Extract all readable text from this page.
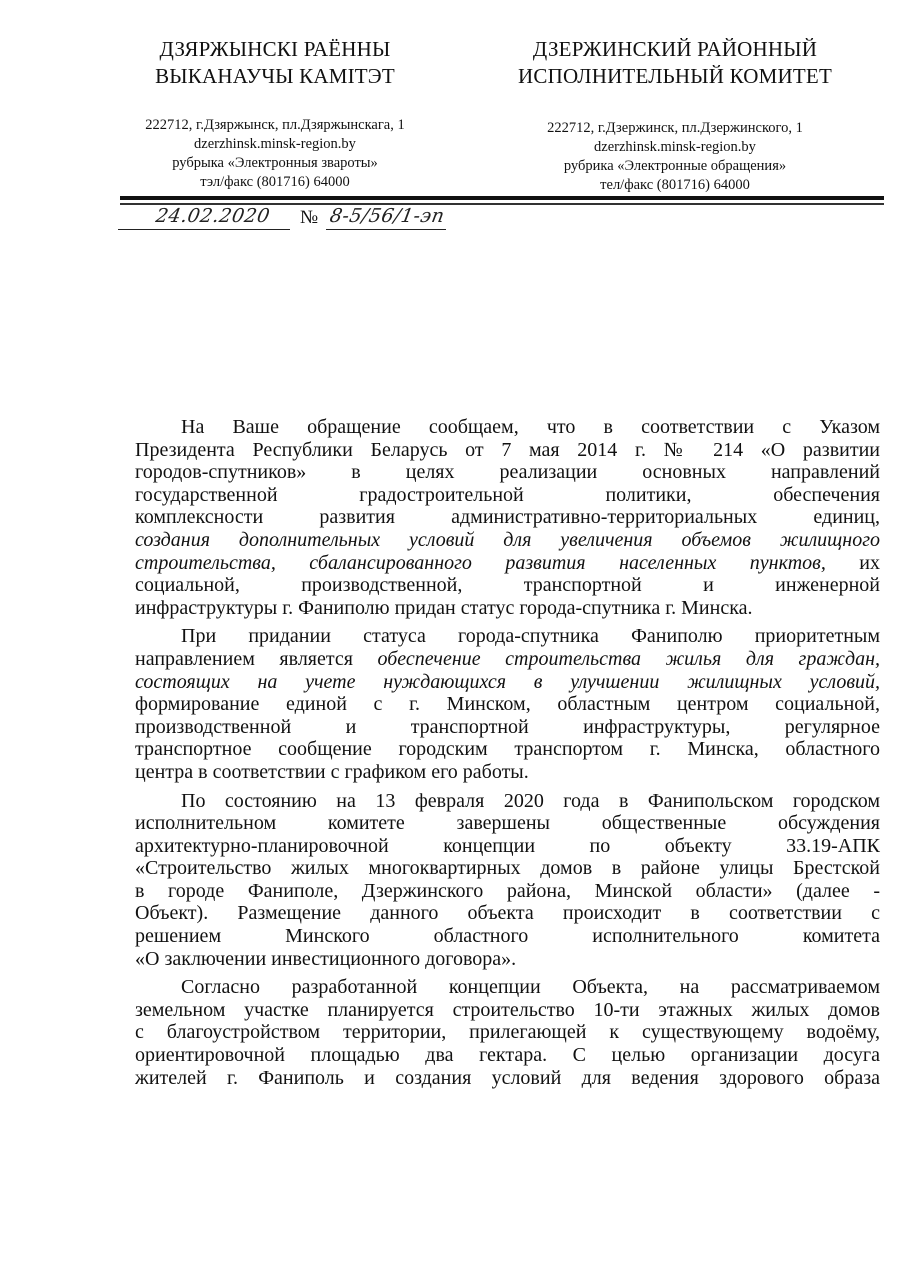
ДЗЯРЖЫНСКІ РАЁННЫ
ВЫКАНАУЧЫ КАМІТЭТ
222712, г.Дзяржынск, пл.Дзяржынскага, 1
dzerzhinsk.minsk-region.by
рубрыка «Электронныя звароты»
тэл/факс (801716) 64000
ДЗЕРЖИНСКИЙ РАЙОННЫЙ
ИСПОЛНИТЕЛЬНЫЙ КОМИТЕТ
222712, г.Дзержинск, пл.Дзержинского, 1
dzerzhinsk.minsk-region.by
рубрика «Электронные обращения»
тел/факс (801716) 64000
24.02.2020 № 8-5/56/1-эп
На Ваше обращение сообщаем, что в соответствии с Указом
Президента Республики Беларусь от 7 мая 2014 г. № 214 «О развитии
городов-спутников» в целях реализации основных направлений
государственной градостроительной политики, обеспечения
комплексности развития административно-территориальных единиц,
создания дополнительных условий для увеличения объемов жилищного
строительства, сбалансированного развития населенных пунктов, их
социальной, производственной, транспортной и инженерной
инфраструктуры г. Фаниполю придан статус города-спутника г. Минска.
При придании статуса города-спутника Фаниполю приоритетным
направлением является обеспечение строительства жилья для граждан,
состоящих на учете нуждающихся в улучшении жилищных условий,
формирование единой с г. Минском, областным центром социальной,
производственной и транспортной инфраструктуры, регулярное
транспортное сообщение городским транспортом г. Минска, областного
центра в соответствии с графиком его работы.
По состоянию на 13 февраля 2020 года в Фанипольском городском
исполнительном комитете завершены общественные обсуждения
архитектурно-планировочной концепции по объекту 33.19-АПК
«Строительство жилых многоквартирных домов в районе улицы Брестской
в городе Фаниполе, Дзержинского района, Минской области» (далее -
Объект). Размещение данного объекта происходит в соответствии с
решением Минского областного исполнительного комитета
«О заключении инвестиционного договора».
Согласно разработанной концепции Объекта, на рассматриваемом
земельном участке планируется строительство 10-ти этажных жилых домов
с благоустройством территории, прилегающей к существующему водоёму,
ориентировочной площадью два гектара. С целью организации досуга
жителей г. Фаниполь и создания условий для ведения здорового образа
